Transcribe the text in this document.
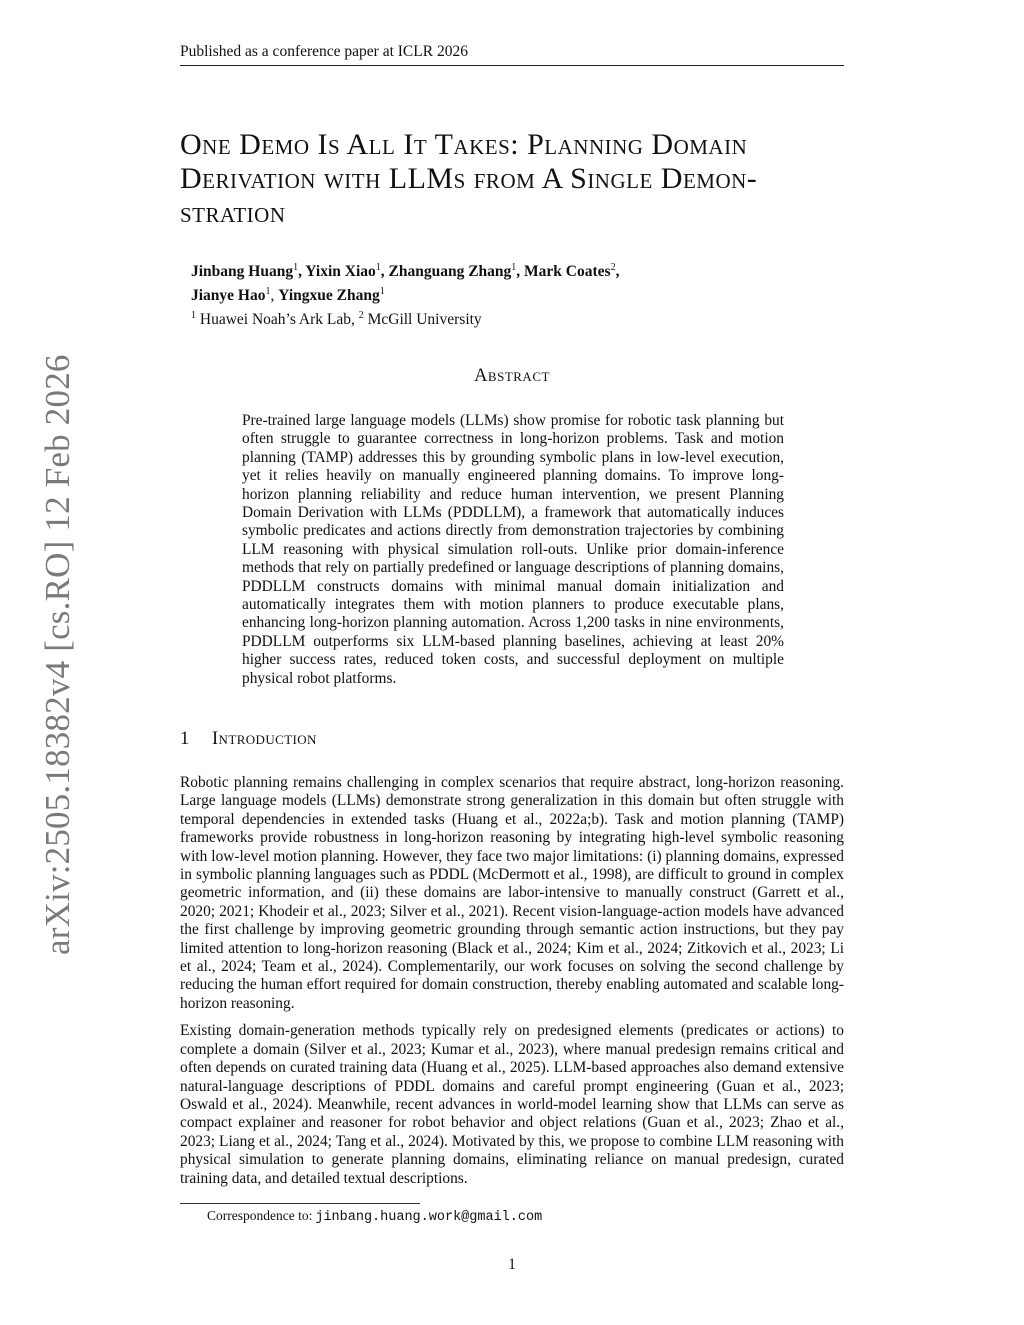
Published as a conference paper at ICLR 2026
arXiv:2505.18382v4 [cs.RO] 12 Feb 2026
One Demo Is All It Takes: Planning Domain
Derivation with LLMs from A Single Demon-
stration
Jinbang Huang$^1$, Yixin Xiao$^1$, Zhanguang Zhang$^1$, Mark Coates$^2$,
Jianye Hao$^1$, Yingxue Zhang$^1$
$^1$ Huawei Noah’s Ark Lab, $^2$ McGill University
Abstract
Pre-trained large language models (LLMs) show promise for robotic task planning but often struggle to guarantee correctness in long-horizon problems. Task and motion planning (TAMP) addresses this by grounding symbolic plans in low-level execution, yet it relies heavily on manually engineered planning domains. To improve long-horizon planning reliability and reduce human intervention, we present Planning Domain Derivation with LLMs (PDDLLM), a framework that automatically induces symbolic predicates and actions directly from demonstration trajectories by combining LLM reasoning with physical simulation roll-outs. Unlike prior domain-inference methods that rely on partially predefined or language descriptions of planning domains, PDDLLM constructs domains with minimal manual domain initialization and automatically integrates them with motion planners to produce executable plans, enhancing long-horizon planning automation. Across 1,200 tasks in nine environments, PDDLLM outperforms six LLM-based planning baselines, achieving at least 20% higher success rates, reduced token costs, and successful deployment on multiple physical robot platforms.
1 Introduction

Robotic planning remains challenging in complex scenarios that require abstract, long-horizon reasoning. Large language models (LLMs) demonstrate strong generalization in this domain but often struggle with temporal dependencies in extended tasks (Huang et al., 2022a;b). Task and motion planning (TAMP) frameworks provide robustness in long-horizon reasoning by integrating high-level symbolic reasoning with low-level motion planning. However, they face two major limitations: (i) planning domains, expressed in symbolic planning languages such as PDDL (McDermott et al., 1998), are difficult to ground in complex geometric information, and (ii) these domains are labor-intensive to manually construct (Garrett et al., 2020; 2021; Khodeir et al., 2023; Silver et al., 2021). Recent vision-language-action models have advanced the first challenge by improving geometric grounding through semantic action instructions, but they pay limited attention to long-horizon reasoning (Black et al., 2024; Kim et al., 2024; Zitkovich et al., 2023; Li et al., 2024; Team et al., 2024). Complementarily, our work focuses on solving the second challenge by reducing the human effort required for domain construction, thereby enabling automated and scalable long-horizon reasoning.

Existing domain-generation methods typically rely on predesigned elements (predicates or actions) to complete a domain (Silver et al., 2023; Kumar et al., 2023), where manual predesign remains critical and often depends on curated training data (Huang et al., 2025). LLM-based approaches also demand extensive natural-language descriptions of PDDL domains and careful prompt engineering (Guan et al., 2023; Oswald et al., 2024). Meanwhile, recent advances in world-model learning show that LLMs can serve as compact explainer and reasoner for robot behavior and object relations (Guan et al., 2023; Zhao et al., 2023; Liang et al., 2024; Tang et al., 2024). Motivated by this, we propose to combine LLM reasoning with physical simulation to generate planning domains, eliminating reliance on manual predesign, curated training data, and detailed textual descriptions.

Correspondence to: jinbang.huang.work@gmail.com
1
